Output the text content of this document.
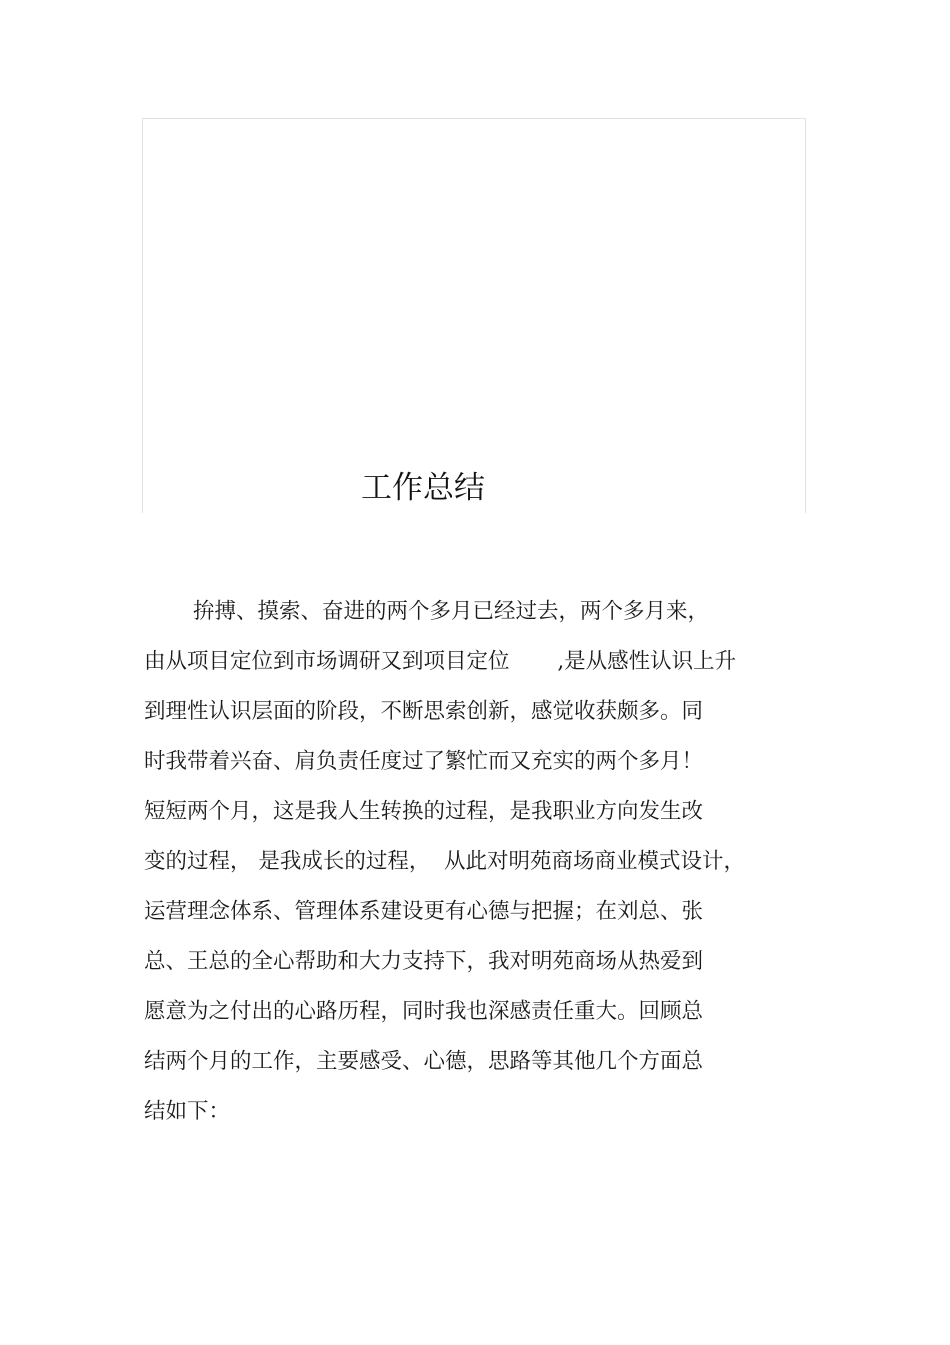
工作总结
拚搏、摸索、奋进的两个多月已经过去，两个多月来，
由从项目定位到市场调研又到项目定位       ,是从感性认识上升
到理性认识层面的阶段，不断思索创新，感觉收获颇多。同
时我带着兴奋、肩负责任度过了繁忙而又充实的两个多月！
短短两个月，这是我人生转换的过程，是我职业方向发生改
变的过程， 是我成长的过程，  从此对明苑商场商业模式设计，
运营理念体系、管理体系建设更有心德与把握；在刘总、张
总、王总的全心帮助和大力支持下，我对明苑商场从热爱到
愿意为之付出的心路历程，同时我也深感责任重大。回顾总
结两个月的工作，主要感受、心德，思路等其他几个方面总
结如下：
